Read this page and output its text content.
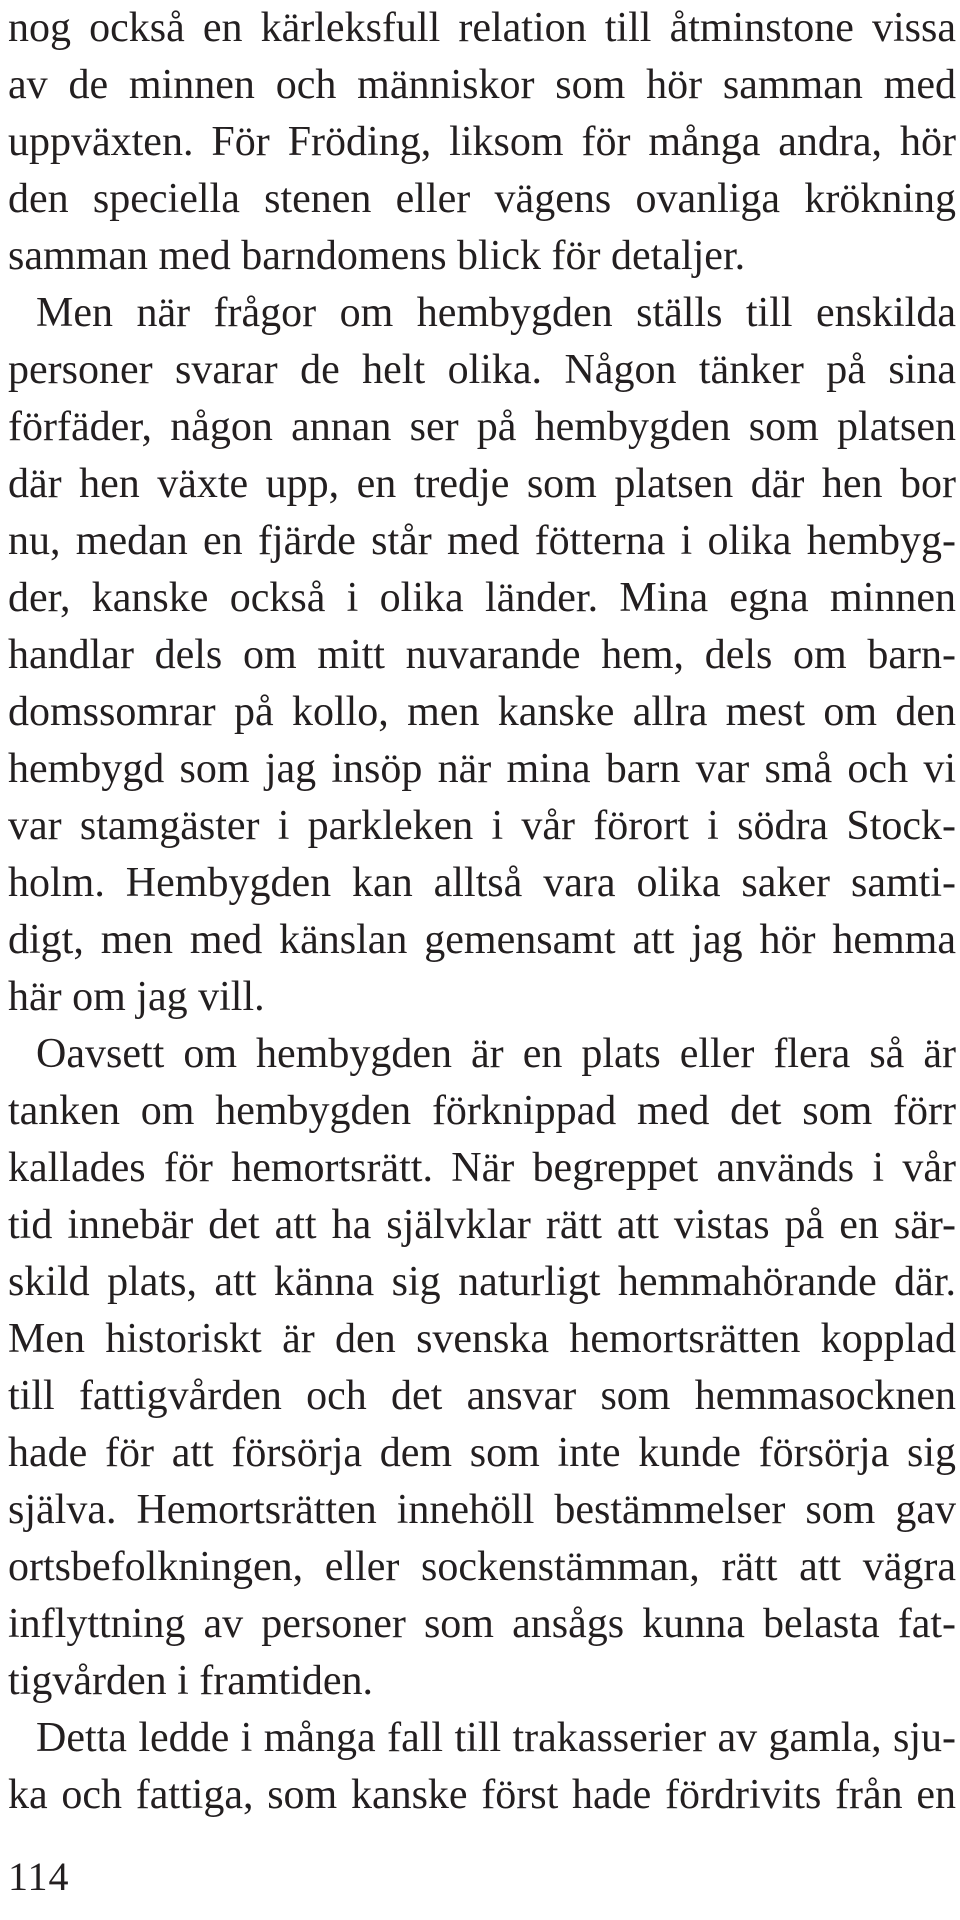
nog också en kärleksfull relation till åtminstone vissa
av de minnen och människor som hör samman med
uppväxten. För Fröding, liksom för många andra, hör
den speciella stenen eller vägens ovanliga krökning
samman med barndomens blick för detaljer.
Men när frågor om hembygden ställs till enskilda
personer svarar de helt olika. Någon tänker på sina
förfäder, någon annan ser på hembygden som platsen
där hen växte upp, en tredje som platsen där hen bor
nu, medan en fjärde står med fötterna i olika hembyg-
der, kanske också i olika länder. Mina egna minnen
handlar dels om mitt nuvarande hem, dels om barn-
domssomrar på kollo, men kanske allra mest om den
hembygd som jag insöp när mina barn var små och vi
var stamgäster i parkleken i vår förort i södra Stock-
holm. Hembygden kan alltså vara olika saker samti-
digt, men med känslan gemensamt att jag hör hemma
här om jag vill.
Oavsett om hembygden är en plats eller flera så är
tanken om hembygden förknippad med det som förr
kallades för hemortsrätt. När begreppet används i vår
tid innebär det att ha självklar rätt att vistas på en sär-
skild plats, att känna sig naturligt hemmahörande där.
Men historiskt är den svenska hemortsrätten kopplad
till fattigvården och det ansvar som hemmasocknen
hade för att försörja dem som inte kunde försörja sig
själva. Hemortsrätten innehöll bestämmelser som gav
ortsbefolkningen, eller sockenstämman, rätt att vägra
inflyttning av personer som ansågs kunna belasta fat-
tigvården i framtiden.
Detta ledde i många fall till trakasserier av gamla, sju-
ka och fattiga, som kanske först hade fördrivits från en
114
